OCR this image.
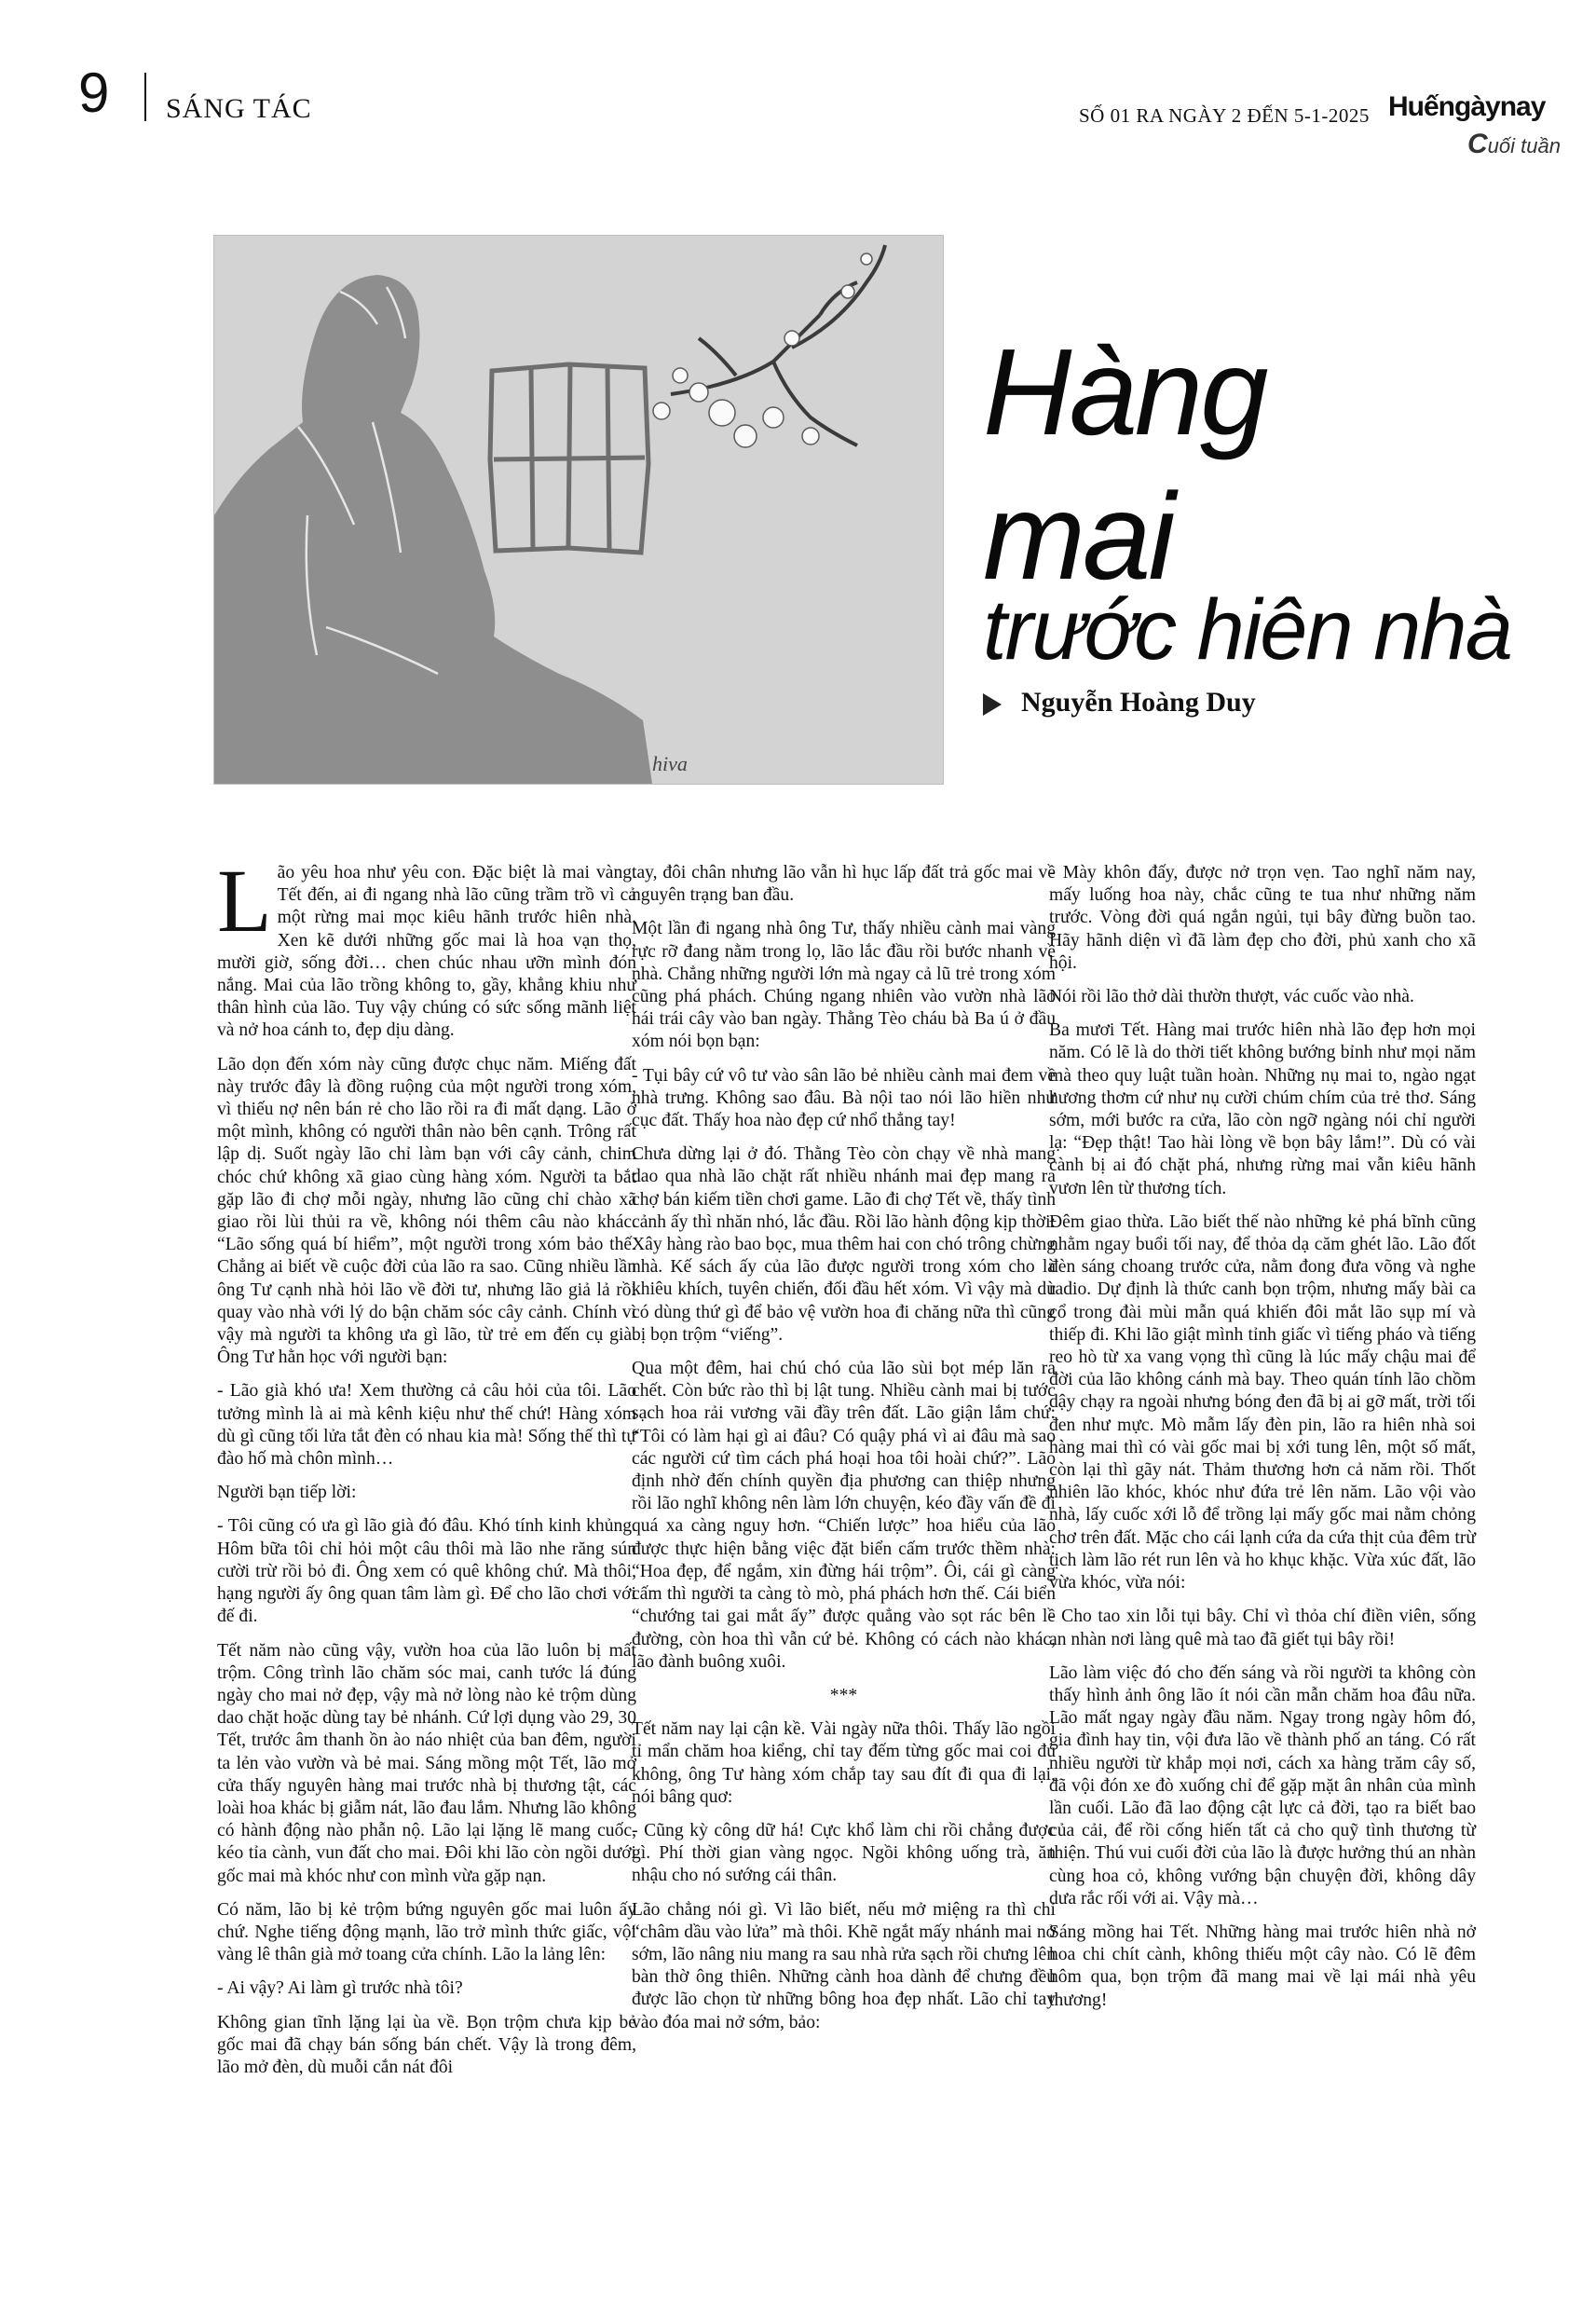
9 SÁNG TÁC	SỐ 01 RA NGÀY 2 ĐẾN 5-1-2025 Huếngàynay
Cuối tuần
hiva
Hàng
mai
trước hiên nhà
Nguyễn Hoàng Duy

Lão yêu hoa như yêu con. Đặc biệt là mai vàng. Tết đến, ai đi ngang nhà lão cũng trầm trồ vì cả một rừng mai mọc kiêu hãnh trước hiên nhà. Xen kẽ dưới những gốc mai là hoa vạn thọ, mười giờ, sống đời… chen chúc nhau ưỡn mình đón nắng. Mai của lão trồng không to, gầy, khẳng khiu như thân hình của lão. Tuy vậy chúng có sức sống mãnh liệt và nở hoa cánh to, đẹp dịu dàng.

Lão dọn đến xóm này cũng được chục năm. Miếng đất này trước đây là đồng ruộng của một người trong xóm, vì thiếu nợ nên bán rẻ cho lão rồi ra đi mất dạng. Lão ở một mình, không có người thân nào bên cạnh. Trông rất lập dị. Suốt ngày lão chỉ làm bạn với cây cảnh, chim chóc chứ không xã giao cùng hàng xóm. Người ta bắt gặp lão đi chợ mỗi ngày, nhưng lão cũng chỉ chào xã giao rồi lùi thủi ra về, không nói thêm câu nào khác. “Lão sống quá bí hiểm”, một người trong xóm bảo thế. Chẳng ai biết về cuộc đời của lão ra sao. Cũng nhiều lần ông Tư cạnh nhà hỏi lão về đời tư, nhưng lão giả lả rồi quay vào nhà với lý do bận chăm sóc cây cảnh. Chính vì vậy mà người ta không ưa gì lão, từ trẻ em đến cụ già. Ông Tư hằn học với người bạn:

- Lão già khó ưa! Xem thường cả câu hỏi của tôi. Lão tưởng mình là ai mà kênh kiệu như thế chứ! Hàng xóm dù gì cũng tối lửa tắt đèn có nhau kia mà! Sống thế thì tự đào hố mà chôn mình…

Người bạn tiếp lời:

- Tôi cũng có ưa gì lão già đó đâu. Khó tính kinh khủng. Hôm bữa tôi chỉ hỏi một câu thôi mà lão nhe răng sún cười trừ rồi bỏ đi. Ông xem có quê không chứ. Mà thôi, hạng người ấy ông quan tâm làm gì. Để cho lão chơi với đế đi.

Tết năm nào cũng vậy, vườn hoa của lão luôn bị mất trộm. Công trình lão chăm sóc mai, canh tước lá đúng ngày cho mai nở đẹp, vậy mà nở lòng nào kẻ trộm dùng dao chặt hoặc dùng tay bẻ nhánh. Cứ lợi dụng vào 29, 30 Tết, trước âm thanh ồn ào náo nhiệt của ban đêm, người ta lẻn vào vườn và bẻ mai. Sáng mồng một Tết, lão mở cửa thấy nguyên hàng mai trước nhà bị thương tật, các loài hoa khác bị giẫm nát, lão đau lắm. Nhưng lão không có hành động nào phẫn nộ. Lão lại lặng lẽ mang cuốc, kéo tỉa cành, vun đất cho mai. Đôi khi lão còn ngồi dưới gốc mai mà khóc như con mình vừa gặp nạn.

Có năm, lão bị kẻ trộm bứng nguyên gốc mai luôn ấy chứ. Nghe tiếng động mạnh, lão trở mình thức giấc, vội vàng lê thân già mở toang cửa chính. Lão la lảng lên:

- Ai vậy? Ai làm gì trước nhà tôi?

Không gian tĩnh lặng lại ùa về. Bọn trộm chưa kịp bẻ gốc mai đã chạy bán sống bán chết. Vậy là trong đêm, lão mở đèn, dù muỗi cắn nát đôi

tay, đôi chân nhưng lão vẫn hì hục lấp đất trả gốc mai về nguyên trạng ban đầu.

Một lần đi ngang nhà ông Tư, thấy nhiều cành mai vàng rực rỡ đang nằm trong lọ, lão lắc đầu rồi bước nhanh về nhà. Chẳng những người lớn mà ngay cả lũ trẻ trong xóm cũng phá phách. Chúng ngang nhiên vào vườn nhà lão hái trái cây vào ban ngày. Thằng Tèo cháu bà Ba ú ở đầu xóm nói bọn bạn:

- Tụi bây cứ vô tư vào sân lão bẻ nhiều cành mai đem về nhà trưng. Không sao đâu. Bà nội tao nói lão hiền như cục đất. Thấy hoa nào đẹp cứ nhổ thẳng tay!

Chưa dừng lại ở đó. Thằng Tèo còn chạy về nhà mang dao qua nhà lão chặt rất nhiều nhánh mai đẹp mang ra chợ bán kiếm tiền chơi game. Lão đi chợ Tết về, thấy tình cảnh ấy thì nhăn nhó, lắc đầu. Rồi lão hành động kịp thời: Xây hàng rào bao bọc, mua thêm hai con chó trông chừng nhà. Kế sách ấy của lão được người trong xóm cho là khiêu khích, tuyên chiến, đối đầu hết xóm. Vì vậy mà dù có dùng thứ gì để bảo vệ vườn hoa đi chăng nữa thì cũng bị bọn trộm “viếng”.

Qua một đêm, hai chú chó của lão sùi bọt mép lăn ra chết. Còn bức rào thì bị lật tung. Nhiều cành mai bị tước sạch hoa rải vương vãi đầy trên đất. Lão giận lắm chứ: “Tôi có làm hại gì ai đâu? Có quậy phá vì ai đâu mà sao các người cứ tìm cách phá hoại hoa tôi hoài chứ?”. Lão định nhờ đến chính quyền địa phương can thiệp nhưng rồi lão nghĩ không nên làm lớn chuyện, kéo đầy vấn đề đi quá xa càng nguy hơn. “Chiến lược” hoa hiểu của lão được thực hiện bằng việc đặt biển cấm trước thềm nhà: “Hoa đẹp, để ngắm, xin đừng hái trộm”. Ôi, cái gì càng cấm thì người ta càng tò mò, phá phách hơn thế. Cái biển “chướng tai gai mắt ấy” được quẳng vào sọt rác bên lề đường, còn hoa thì vẫn cứ bẻ. Không có cách nào khác, lão đành buông xuôi.

***

Tết năm nay lại cận kề. Vài ngày nữa thôi. Thấy lão ngồi tỉ mẩn chăm hoa kiểng, chỉ tay đếm từng gốc mai coi đủ không, ông Tư hàng xóm chắp tay sau đít đi qua đi lại, nói bâng quơ:

- Cũng kỳ công dữ há! Cực khổ làm chi rồi chẳng được gì. Phí thời gian vàng ngọc. Ngồi không uống trà, ăn nhậu cho nó sướng cái thân.

Lão chẳng nói gì. Vì lão biết, nếu mở miệng ra thì chỉ “châm dầu vào lửa” mà thôi. Khẽ ngắt mấy nhánh mai nở sớm, lão nâng niu mang ra sau nhà rửa sạch rồi chưng lên bàn thờ ông thiên. Những cành hoa dành để chưng đều được lão chọn từ những bông hoa đẹp nhất. Lão chỉ tay vào đóa mai nở sớm, bảo:

- Mày khôn đấy, được nở trọn vẹn. Tao nghĩ năm nay, mấy luống hoa này, chắc cũng te tua như những năm trước. Vòng đời quá ngắn ngủi, tụi bây đừng buồn tao. Hãy hãnh diện vì đã làm đẹp cho đời, phủ xanh cho xã hội.

Nói rồi lão thở dài thườn thượt, vác cuốc vào nhà.

Ba mươi Tết. Hàng mai trước hiên nhà lão đẹp hơn mọi năm. Có lẽ là do thời tiết không bướng bỉnh như mọi năm mà theo quy luật tuần hoàn. Những nụ mai to, ngào ngạt hương thơm cứ như nụ cười chúm chím của trẻ thơ. Sáng sớm, mới bước ra cửa, lão còn ngỡ ngàng nói chỉ người lạ: “Đẹp thật! Tao hài lòng về bọn bây lắm!”. Dù có vài cành bị ai đó chặt phá, nhưng rừng mai vẫn kiêu hãnh vươn lên từ thương tích.

Đêm giao thừa. Lão biết thế nào những kẻ phá bĩnh cũng nhằm ngay buổi tối nay, để thỏa dạ căm ghét lão. Lão đốt đèn sáng choang trước cửa, nằm đong đưa võng và nghe radio. Dự định là thức canh bọn trộm, nhưng mấy bài ca cổ trong đài mùi mẫn quá khiến đôi mắt lão sụp mí và thiếp đi. Khi lão giật mình tỉnh giấc vì tiếng pháo và tiếng reo hò từ xa vang vọng thì cũng là lúc mấy chậu mai để đời của lão không cánh mà bay. Theo quán tính lão chồm dậy chạy ra ngoài nhưng bóng đen đã bị ai gỡ mất, trời tối đen như mực. Mò mẫm lấy đèn pin, lão ra hiên nhà soi hàng mai thì có vài gốc mai bị xới tung lên, một số mất, còn lại thì gãy nát. Thảm thương hơn cả năm rồi. Thốt nhiên lão khóc, khóc như đứa trẻ lên năm. Lão vội vào nhà, lấy cuốc xới lỗ để trồng lại mấy gốc mai nằm chỏng chơ trên đất. Mặc cho cái lạnh cứa da cứa thịt của đêm trừ tịch làm lão rét run lên và ho khục khặc. Vừa xúc đất, lão vừa khóc, vừa nói:

- Cho tao xin lỗi tụi bây. Chỉ vì thỏa chí điền viên, sống an nhàn nơi làng quê mà tao đã giết tụi bây rồi!

Lão làm việc đó cho đến sáng và rồi người ta không còn thấy hình ảnh ông lão ít nói cần mẫn chăm hoa đâu nữa. Lão mất ngay ngày đầu năm. Ngay trong ngày hôm đó, gia đình hay tin, vội đưa lão về thành phố an táng. Có rất nhiều người từ khắp mọi nơi, cách xa hàng trăm cây số, đã vội đón xe đò xuống chỉ để gặp mặt ân nhân của mình lần cuối. Lão đã lao động cật lực cả đời, tạo ra biết bao của cải, để rồi cống hiến tất cả cho quỹ tình thương từ thiện. Thú vui cuối đời của lão là được hưởng thú an nhàn cùng hoa cỏ, không vướng bận chuyện đời, không dây dưa rắc rối với ai. Vậy mà…

Sáng mồng hai Tết. Những hàng mai trước hiên nhà nở hoa chi chít cành, không thiếu một cây nào. Có lẽ đêm hôm qua, bọn trộm đã mang mai về lại mái nhà yêu thương!
